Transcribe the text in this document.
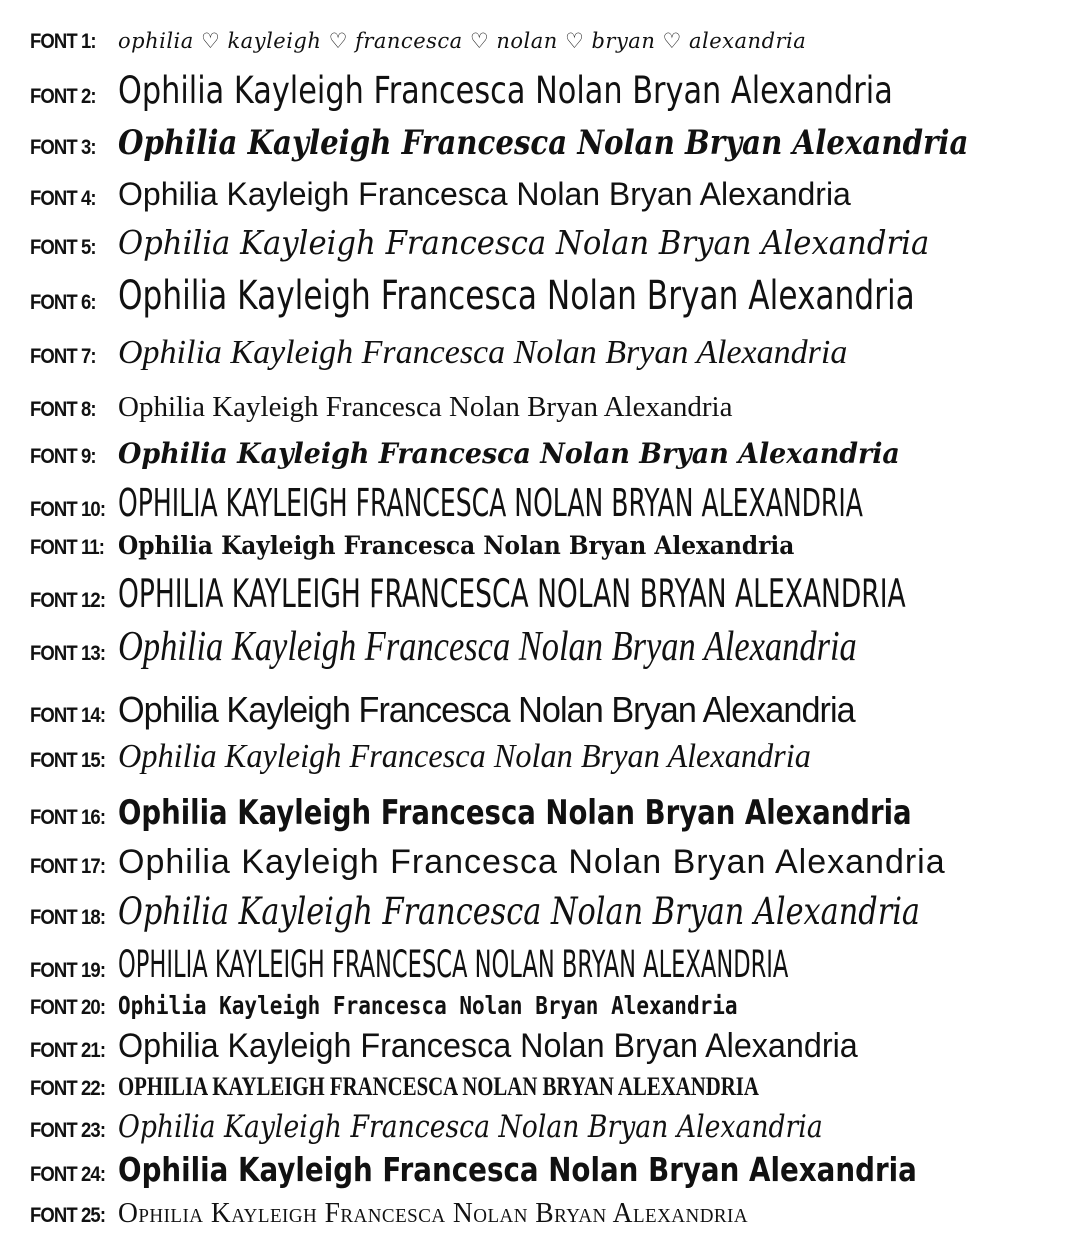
FONT 1:	ophilia ♡ kayleigh ♡ francesca ♡ nolan ♡ bryan ♡ alexandria
FONT 2: Ophilia Kayleigh Francesca Nolan Bryan Alexandria
FONT 3: Ophilia Kayleigh Francesca Nolan Bryan Alexandria
FONT 4: Ophilia Kayleigh Francesca Nolan Bryan Alexandria
FONT 5: Ophilia Kayleigh Francesca Nolan Bryan Alexandria
FONT 6: Ophilia Kayleigh Francesca Nolan Bryan Alexandria
FONT 7: Ophilia Kayleigh Francesca Nolan Bryan Alexandria
FONT 8: Ophilia Kayleigh Francesca Nolan Bryan Alexandria
FONT 9: Ophilia Kayleigh Francesca Nolan Bryan Alexandria
FONT 10: OPHILIA KAYLEIGH FRANCESCA NOLAN BRYAN ALEXANDRIA
FONT 11: Ophilia Kayleigh Francesca Nolan Bryan Alexandria
FONT 12: OPHILIA KAYLEIGH FRANCESCA NOLAN BRYAN ALEXANDRIA
FONT 13: Ophilia Kayleigh Francesca Nolan Bryan Alexandria
FONT 14: Ophilia Kayleigh Francesca Nolan Bryan Alexandria
FONT 15: Ophilia Kayleigh Francesca Nolan Bryan Alexandria
FONT 16: Ophilia Kayleigh Francesca Nolan Bryan Alexandria
FONT 17: Ophilia Kayleigh Francesca Nolan Bryan Alexandria
FONT 18: Ophilia Kayleigh Francesca Nolan Bryan Alexandria
FONT 19: OPHILIA KAYLEIGH FRANCESCA NOLAN BRYAN ALEXANDRIA
FONT 20: Ophilia Kayleigh Francesca Nolan Bryan Alexandria
FONT 21: Ophilia Kayleigh Francesca Nolan Bryan Alexandria
FONT 22: OPHILIA KAYLEIGH FRANCESCA NOLAN BRYAN ALEXANDRIA
FONT 23: Ophilia Kayleigh Francesca Nolan Bryan Alexandria
FONT 24: Ophilia Kayleigh Francesca Nolan Bryan Alexandria
FONT 25: Ophilia Kayleigh Francesca Nolan Bryan Alexandria
